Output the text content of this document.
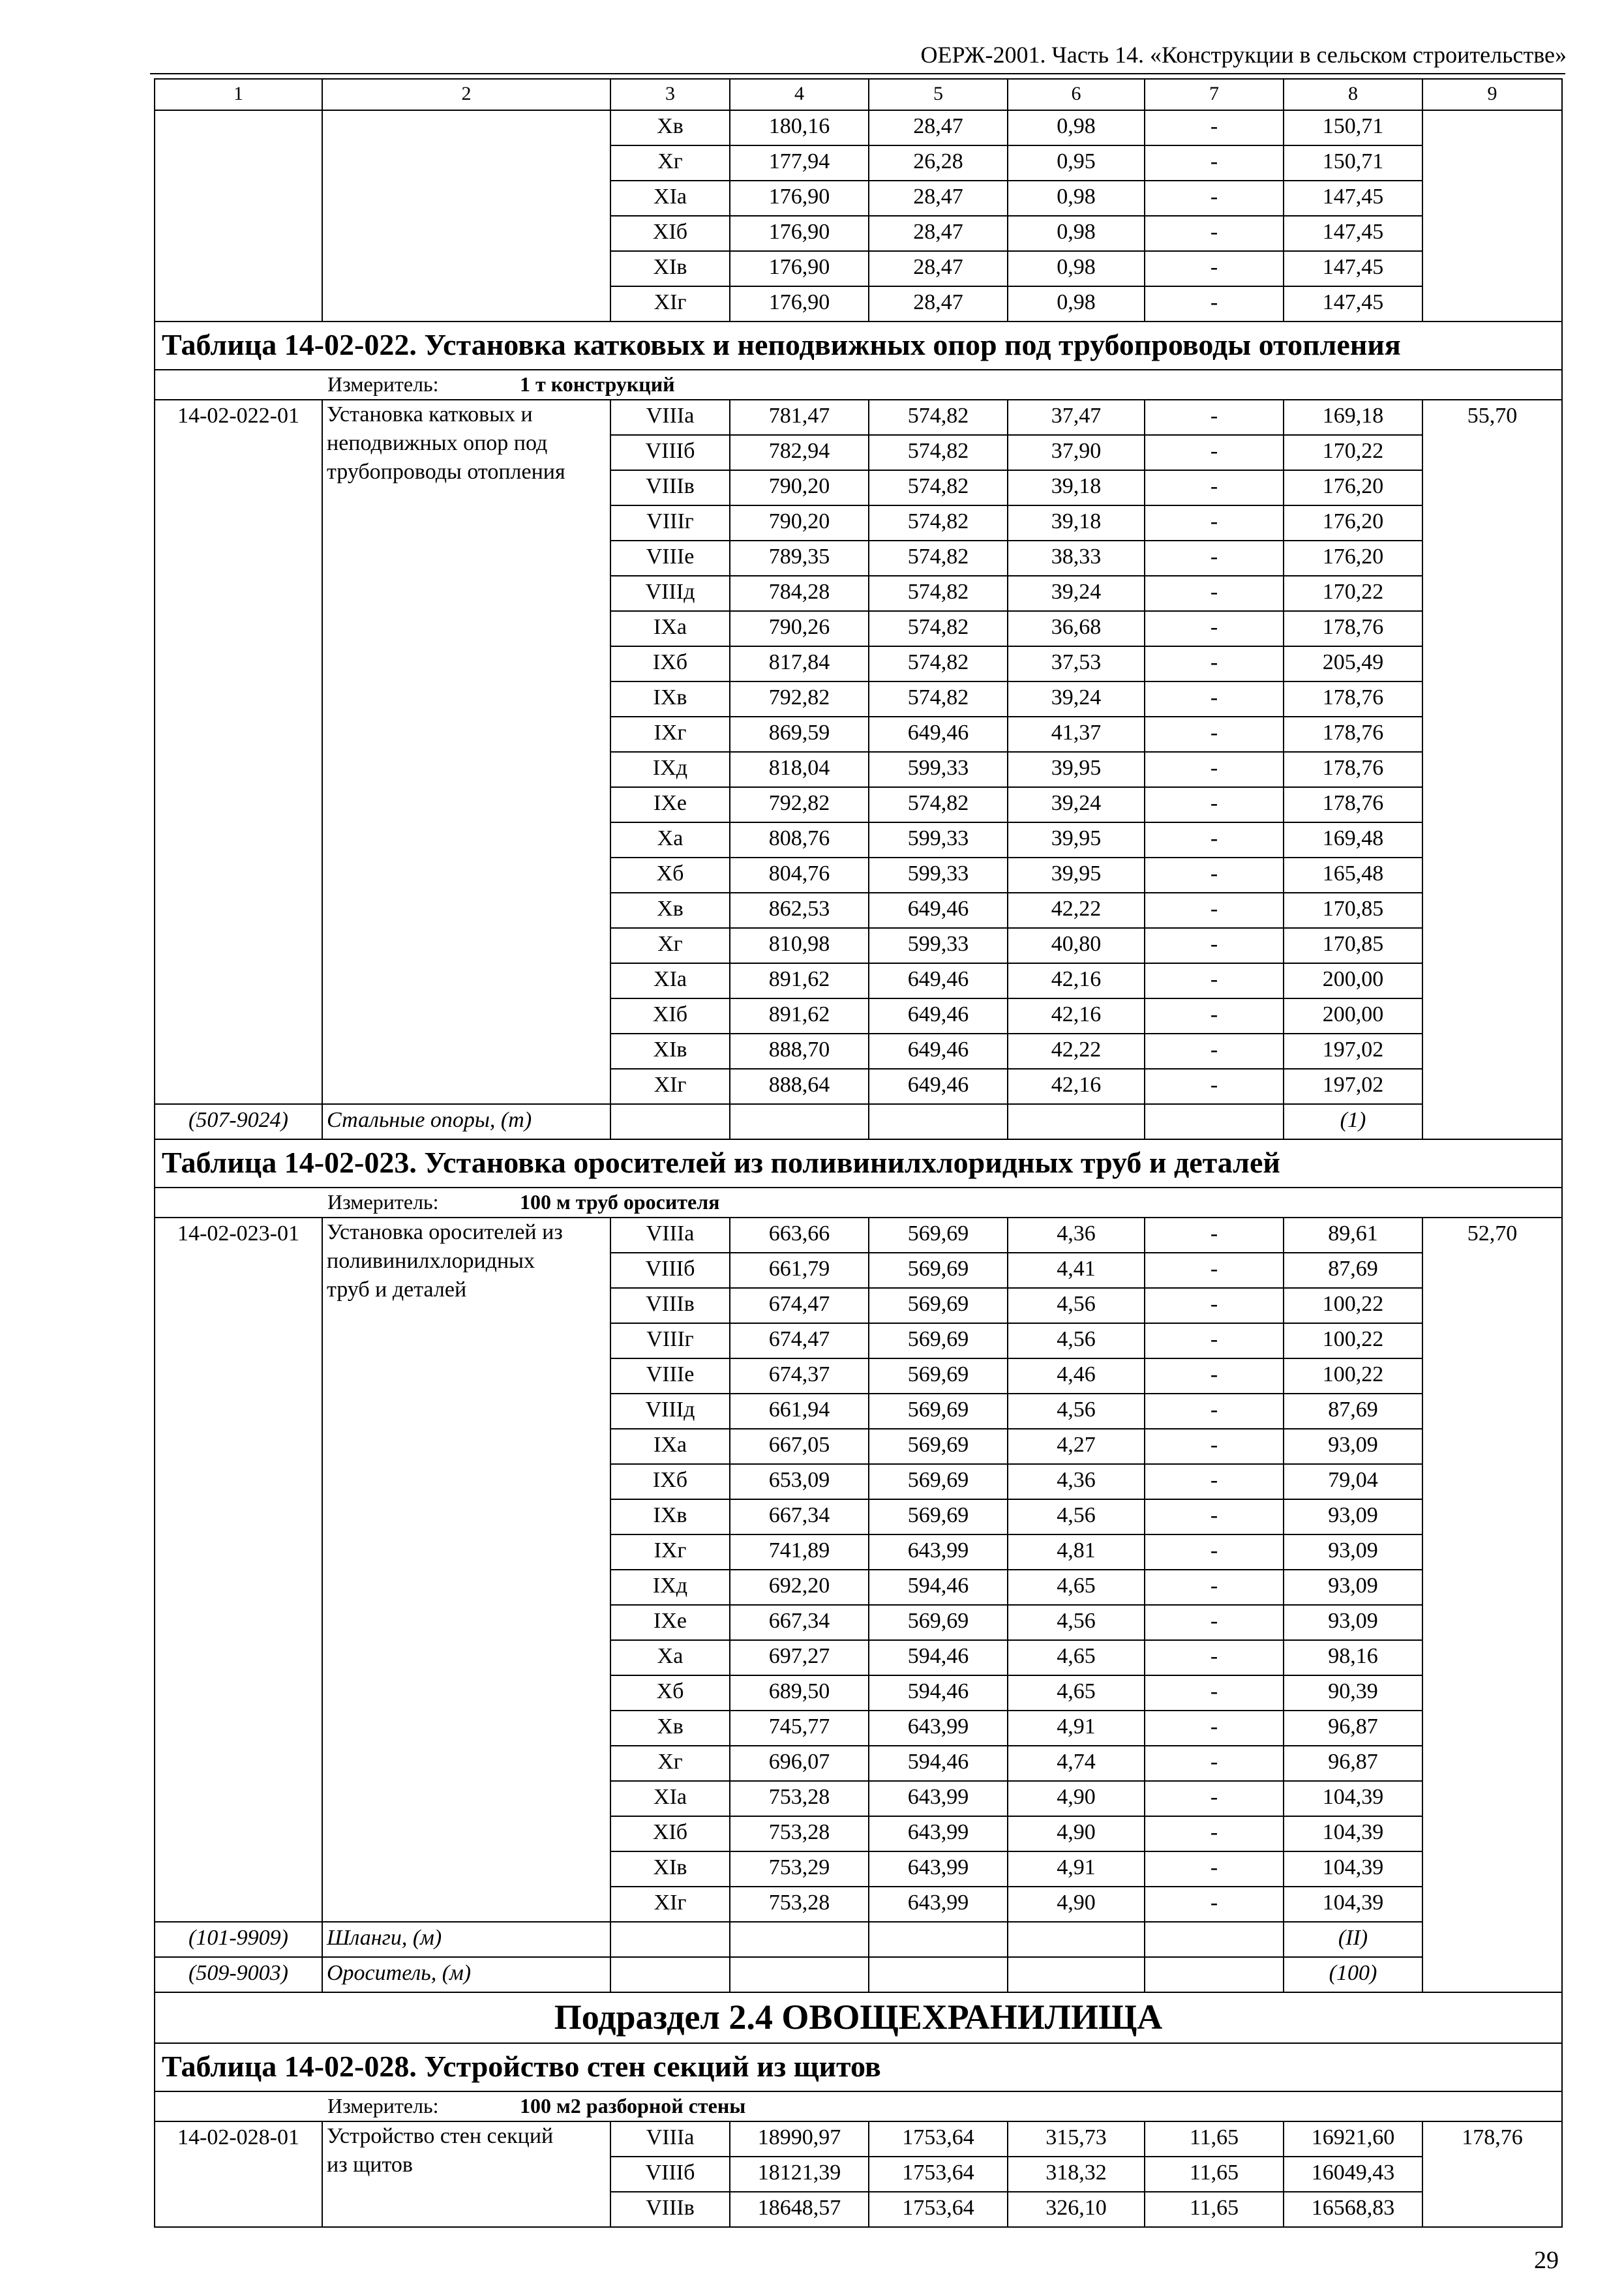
ОЕРЖ-2001. Часть 14. «Конструкции в сельском строительстве»
1	2	3	4	5	6	7	8	9
		Хв	180,16	28,47	0,98	-	150,71	
		Хг	177,94	26,28	0,95	-	150,71	
		XIа	176,90	28,47	0,98	-	147,45	
		XIб	176,90	28,47	0,98	-	147,45	
		XIв	176,90	28,47	0,98	-	147,45	
		XIг	176,90	28,47	0,98	-	147,45	
Таблица 14-02-022. Установка катковых и неподвижных опор под трубопроводы отопления								
Измеритель: 1 т конструкций								
14-02-022-01	Установка катковых и
неподвижных опор под
трубопроводы отопления	VIIIа	781,47	574,82	37,47	-	169,18	55,70
		VIIIб	782,94	574,82	37,90	-	170,22	
		VIIIв	790,20	574,82	39,18	-	176,20	
		VIIIг	790,20	574,82	39,18	-	176,20	
		VIIIе	789,35	574,82	38,33	-	176,20	
		VIIIд	784,28	574,82	39,24	-	170,22	
		IXа	790,26	574,82	36,68	-	178,76	
		IXб	817,84	574,82	37,53	-	205,49	
		IXв	792,82	574,82	39,24	-	178,76	
		IXг	869,59	649,46	41,37	-	178,76	
		IXд	818,04	599,33	39,95	-	178,76	
		IXе	792,82	574,82	39,24	-	178,76	
		Ха	808,76	599,33	39,95	-	169,48	
		Хб	804,76	599,33	39,95	-	165,48	
		Хв	862,53	649,46	42,22	-	170,85	
		Хг	810,98	599,33	40,80	-	170,85	
		XIа	891,62	649,46	42,16	-	200,00	
		XIб	891,62	649,46	42,16	-	200,00	
		XIв	888,70	649,46	42,22	-	197,02	
		XIг	888,64	649,46	42,16	-	197,02	
(507-9024)	Стальные опоры, (т)						(1)	
Таблица 14-02-023. Установка оросителей из поливинилхлоридных труб и деталей								
Измеритель: 100 м труб оросителя								
14-02-023-01	Установка оросителей из
поливинилхлоридных
труб и деталей	VIIIа	663,66	569,69	4,36	-	89,61	52,70
		VIIIб	661,79	569,69	4,41	-	87,69	
		VIIIв	674,47	569,69	4,56	-	100,22	
		VIIIг	674,47	569,69	4,56	-	100,22	
		VIIIе	674,37	569,69	4,46	-	100,22	
		VIIIд	661,94	569,69	4,56	-	87,69	
		IXа	667,05	569,69	4,27	-	93,09	
		IXб	653,09	569,69	4,36	-	79,04	
		IXв	667,34	569,69	4,56	-	93,09	
		IXг	741,89	643,99	4,81	-	93,09	
		IXд	692,20	594,46	4,65	-	93,09	
		IXе	667,34	569,69	4,56	-	93,09	
		Ха	697,27	594,46	4,65	-	98,16	
		Хб	689,50	594,46	4,65	-	90,39	
		Хв	745,77	643,99	4,91	-	96,87	
		Хг	696,07	594,46	4,74	-	96,87	
		XIа	753,28	643,99	4,90	-	104,39	
		XIб	753,28	643,99	4,90	-	104,39	
		XIв	753,29	643,99	4,91	-	104,39	
		XIг	753,28	643,99	4,90	-	104,39	
(101-9909)	Шланги, (м)						(II)	
(509-9003)	Ороситель, (м)						(100)	
Подраздел 2.4 ОВОЩЕХРАНИЛИЩА								
Таблица 14-02-028. Устройство стен секций из щитов								
Измеритель: 100 м2 разборной стены								
14-02-028-01	Устройство стен секций
из щитов	VIIIа	18990,97	1753,64	315,73	11,65	16921,60	178,76
		VIIIб	18121,39	1753,64	318,32	11,65	16049,43	
		VIIIв	18648,57	1753,64	326,10	11,65	16568,83	
29
